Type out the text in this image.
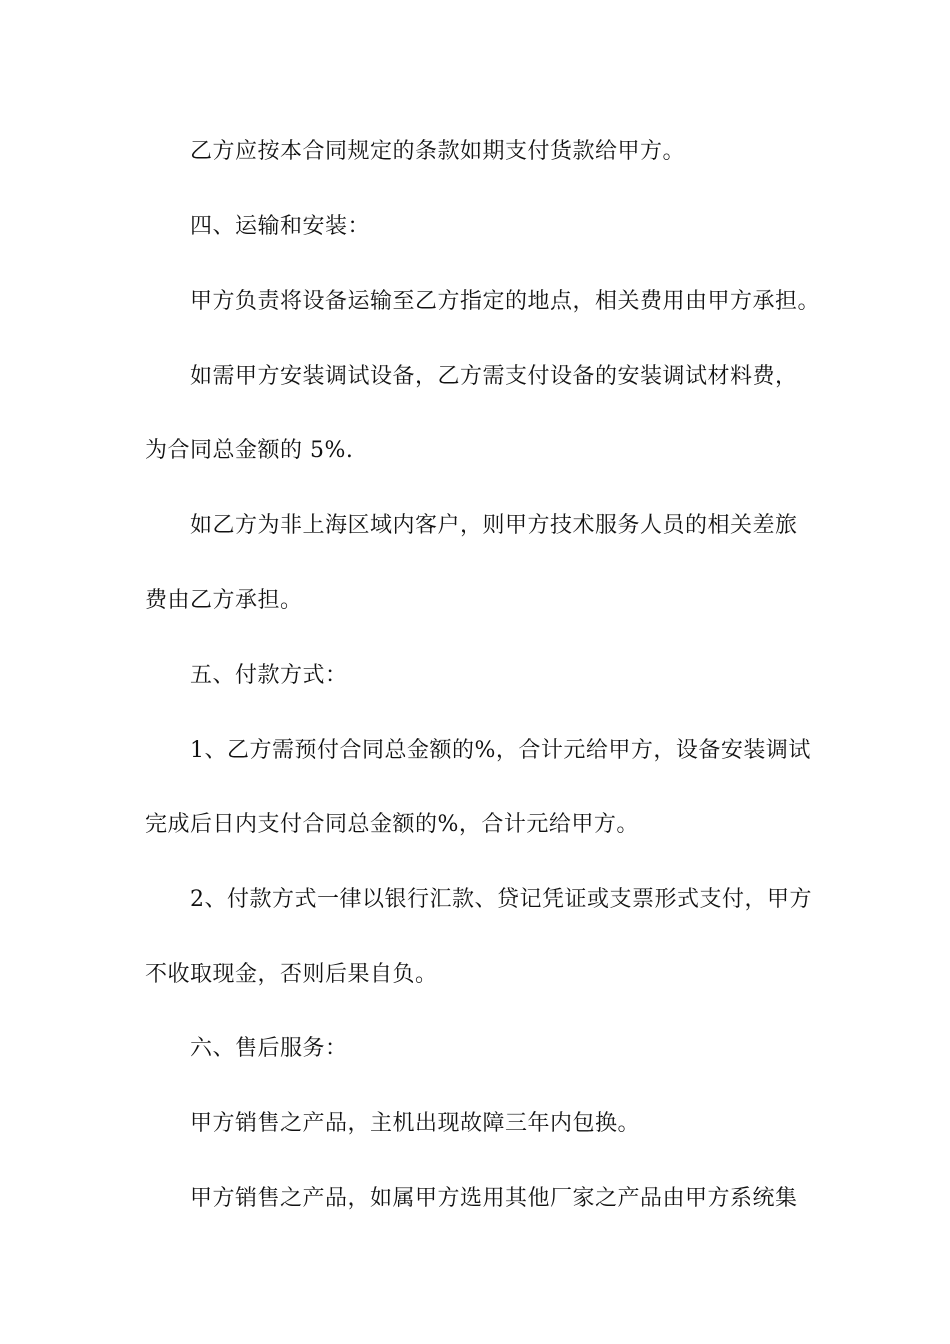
乙方应按本合同规定的条款如期支付货款给甲方。
四、运输和安装：
甲方负责将设备运输至乙方指定的地点，相关费用由甲方承担。
如需甲方安装调试设备，乙方需支付设备的安装调试材料费，
为合同总金额的 5%.
如乙方为非上海区域内客户，则甲方技术服务人员的相关差旅
费由乙方承担。
五、付款方式：
1、乙方需预付合同总金额的%，合计元给甲方，设备安装调试
完成后日内支付合同总金额的%，合计元给甲方。
2、付款方式一律以银行汇款、贷记凭证或支票形式支付，甲方
不收取现金，否则后果自负。
六、售后服务：
甲方销售之产品，主机出现故障三年内包换。
甲方销售之产品，如属甲方选用其他厂家之产品由甲方系统集
